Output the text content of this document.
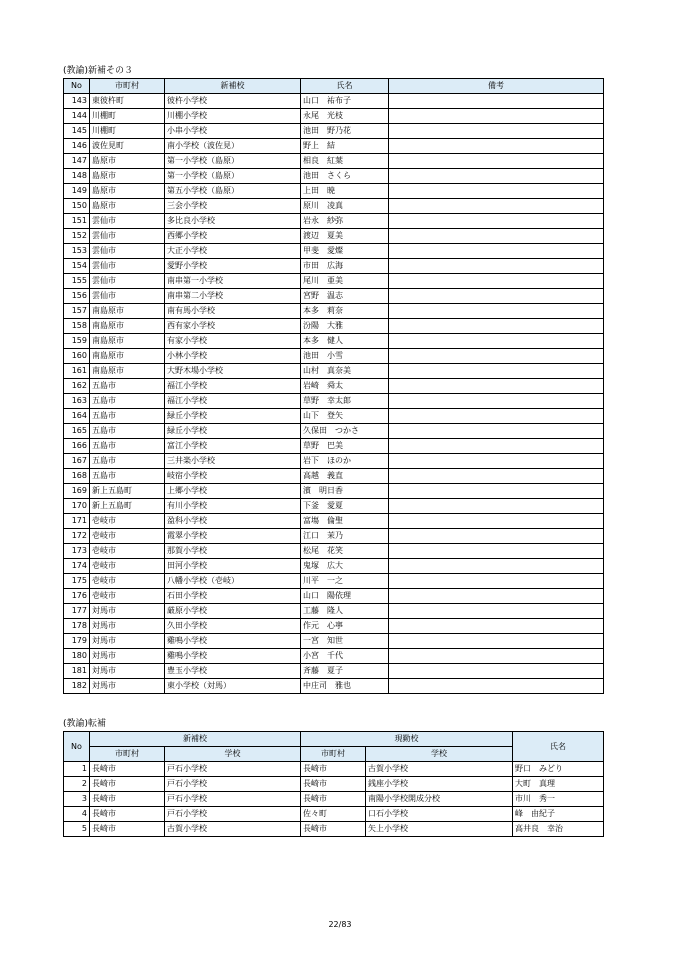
(教諭)新補その３
No	市町村	新補校	氏名	備考
143	東彼杵町	彼杵小学校	山口　祐布子	
144	川棚町	川棚小学校	永尾　光枝	
145	川棚町	小串小学校	池田　野乃花	
146	波佐見町	南小学校（波佐見）	野上　結	
147	島原市	第一小学校（島原）	相良　紅葉	
148	島原市	第一小学校（島原）	池田　さくら	
149	島原市	第五小学校（島原）	上田　暁	
150	島原市	三会小学校	原川　凌真	
151	雲仙市	多比良小学校	岩永　紗弥	
152	雲仙市	西郷小学校	渡辺　夏美	
153	雲仙市	大正小学校	甲斐　愛燦	
154	雲仙市	愛野小学校	市田　広海	
155	雲仙市	南串第一小学校	尾川　亜美	
156	雲仙市	南串第二小学校	宮野　温志	
157	南島原市	南有馬小学校	本多　莉奈	
158	南島原市	西有家小学校	汾陽　大雅	
159	南島原市	有家小学校	本多　健人	
160	南島原市	小林小学校	池田　小雪	
161	南島原市	大野木場小学校	山村　真奈美	
162	五島市	福江小学校	岩崎　舜太	
163	五島市	福江小学校	草野　幸太郎	
164	五島市	緑丘小学校	山下　登矢	
165	五島市	緑丘小学校	久保田　つかさ	
166	五島市	富江小学校	草野　巴美	
167	五島市	三井楽小学校	岩下　ほのか	
168	五島市	岐宿小学校	高越　義直	
169	新上五島町	上郷小学校	濱　明日香	
170	新上五島町	有川小学校	下釜　愛夏	
171	壱岐市	盈科小学校	富塲　倫聖	
172	壱岐市	霞翠小学校	江口　茉乃	
173	壱岐市	那賀小学校	松尾　花笑	
174	壱岐市	田河小学校	鬼塚　広大	
175	壱岐市	八幡小学校（壱岐）	川平　一之	
176	壱岐市	石田小学校	山口　陽依理	
177	対馬市	厳原小学校	工藤　隆人	
178	対馬市	久田小学校	作元　心寧	
179	対馬市	雞鳴小学校	一宮　知世	
180	対馬市	雞鳴小学校	小宮　千代	
181	対馬市	豊玉小学校	斉藤　夏子	
182	対馬市	東小学校（対馬）	中庄司　雅也	
(教諭)転補
No	新補校		現勤校		氏名
	市町村	学校	市町村	学校	
1	長崎市	戸石小学校	長崎市	古賀小学校	野口　みどり
2	長崎市	戸石小学校	長崎市	銭座小学校	大町　真理
3	長崎市	戸石小学校	長崎市	南陽小学校開成分校	市川　秀一
4	長崎市	戸石小学校	佐々町	口石小学校	峰　由紀子
5	長崎市	古賀小学校	長崎市	矢上小学校	高井良　幸治
22/83
